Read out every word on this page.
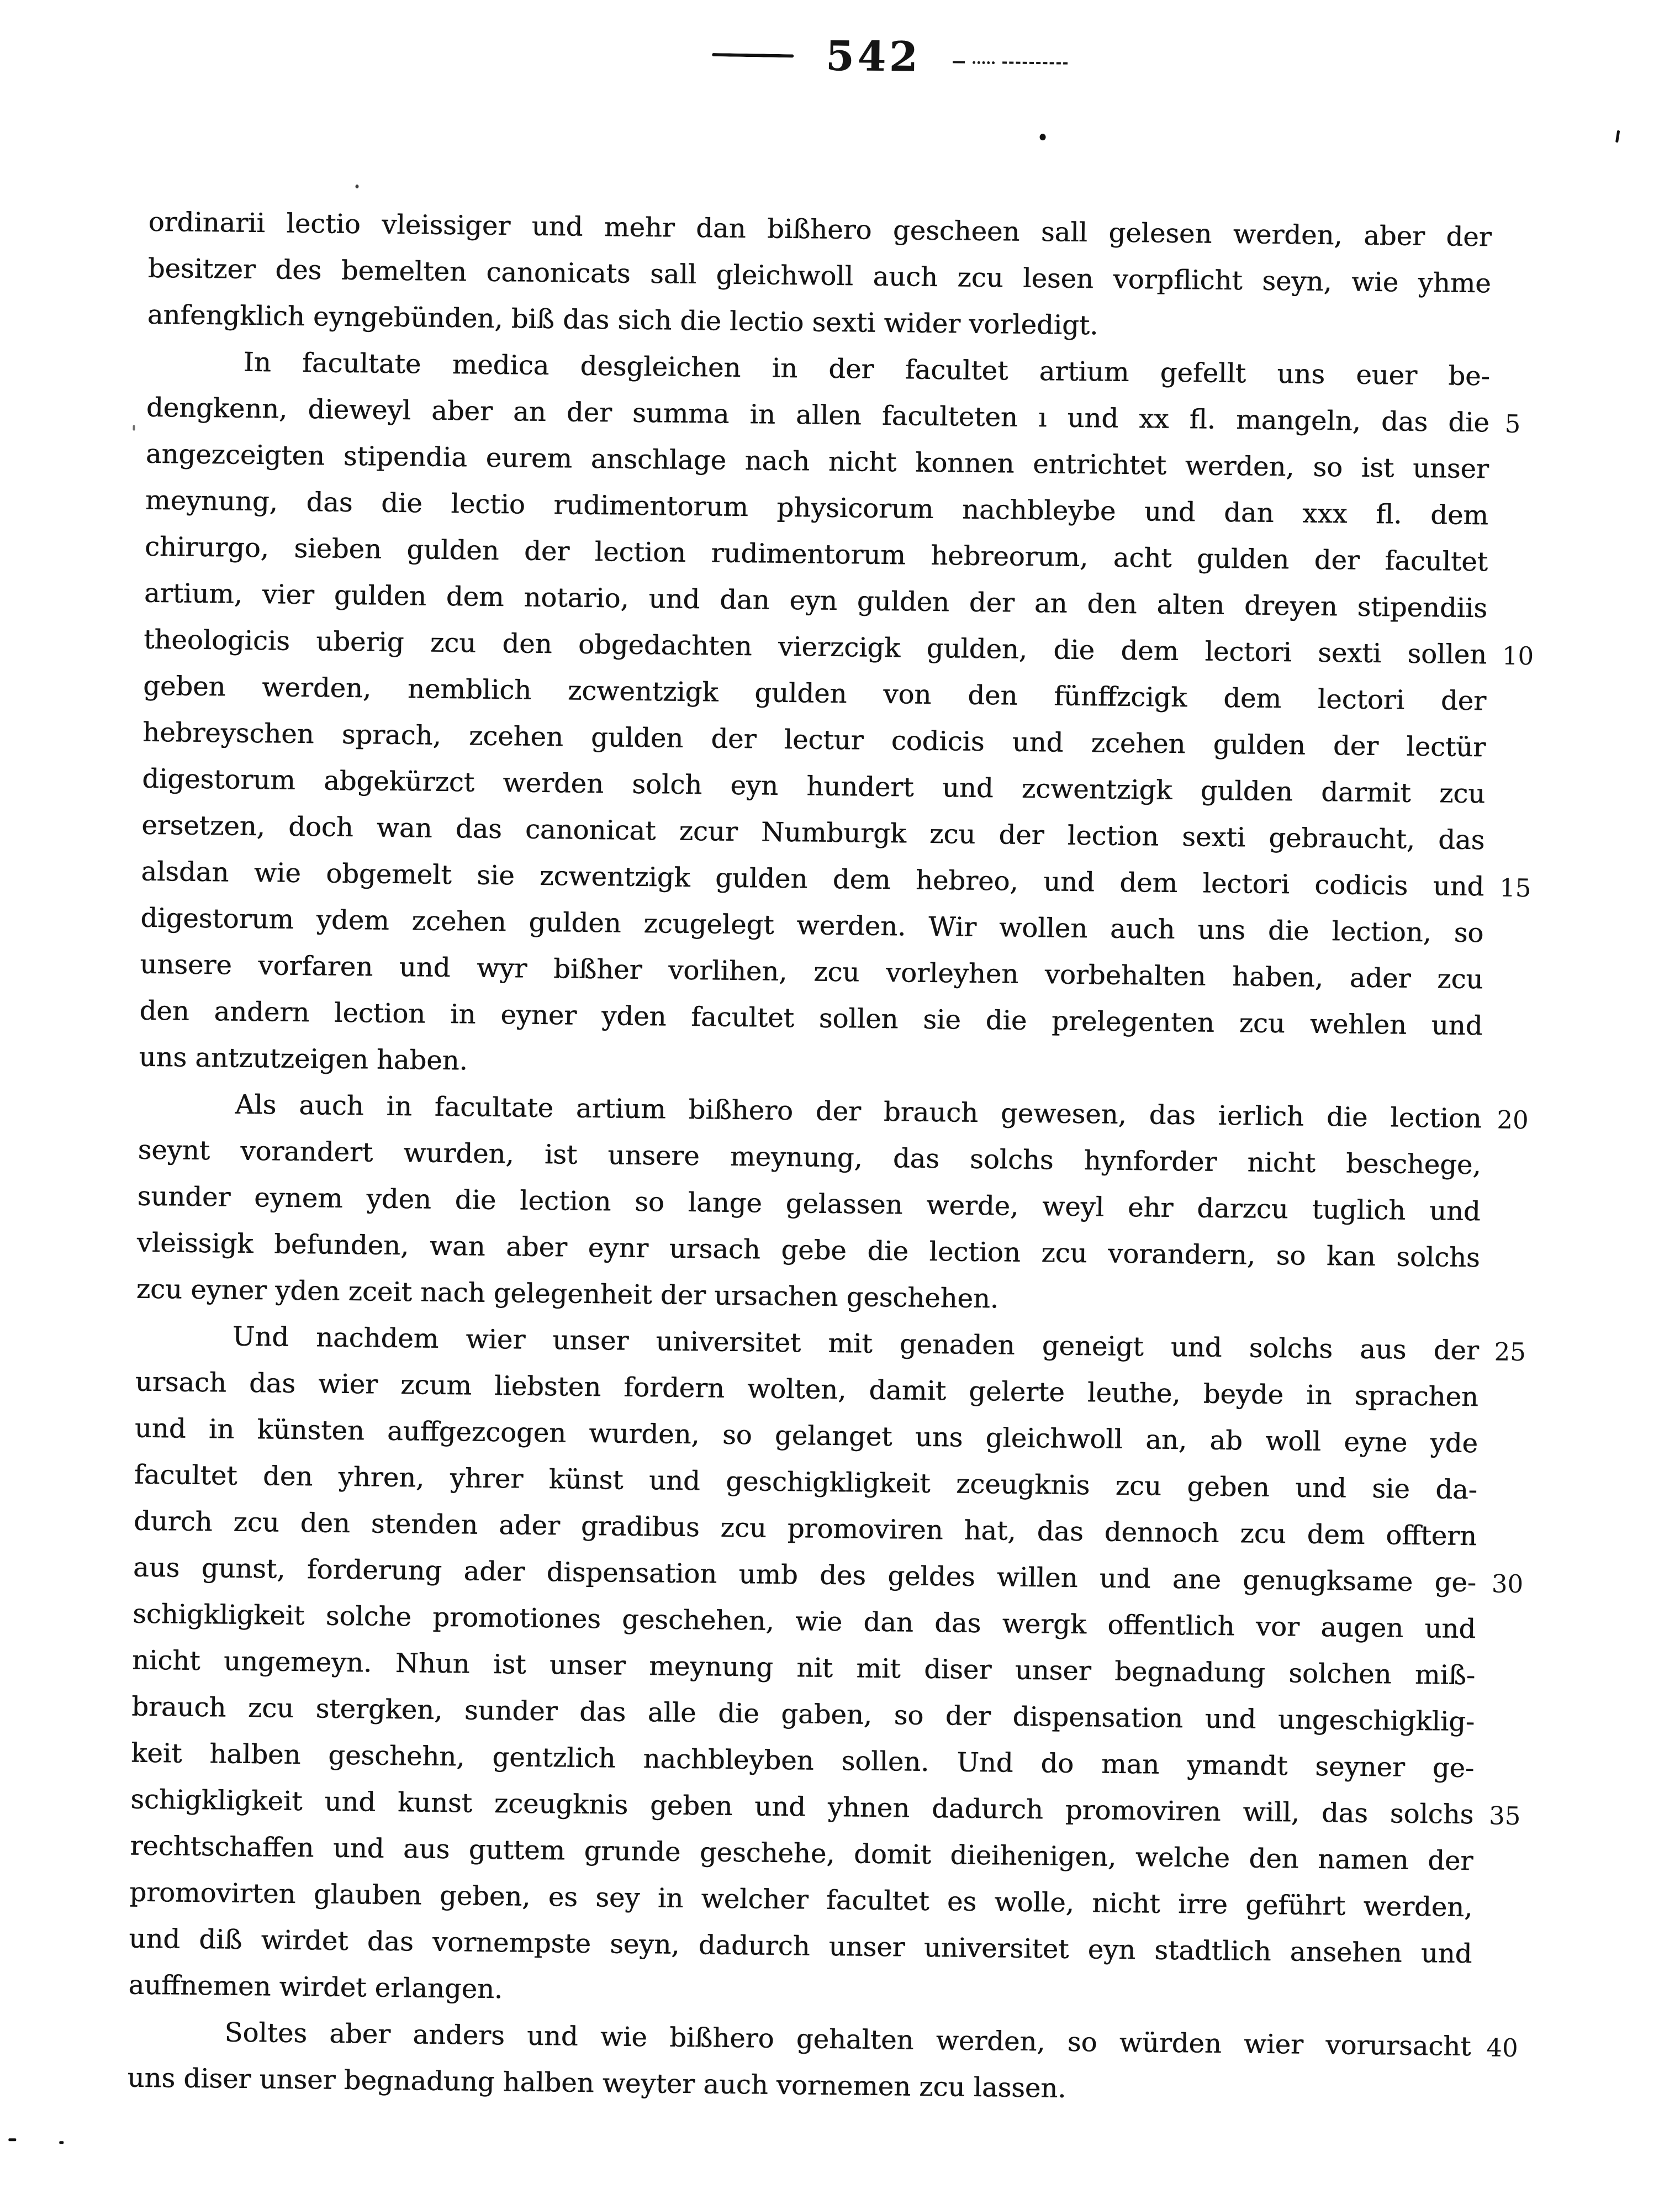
542
ordinarii lectio vleissiger und mehr dan bißhero gescheen sall gelesen werden, aber der
besitzer des bemelten canonicats sall gleichwoll auch zcu lesen vorpflicht seyn, wie yhme
anfengklich eyngebünden, biß das sich die lectio sexti wider vorledigt.
In facultate medica desgleichen in der facultet artium gefellt uns euer be-
dengkenn, dieweyl aber an der summa in allen faculteten ı und xx fl. mangeln, das die 5
angezceigten stipendia eurem anschlage nach nicht konnen entrichtet werden, so ist unser
meynung, das die lectio rudimentorum physicorum nachbleybe und dan xxx fl. dem
chirurgo, sieben gulden der lection rudimentorum hebreorum, acht gulden der facultet
artium, vier gulden dem notario, und dan eyn gulden der an den alten dreyen stipendiis
theologicis uberig zcu den obgedachten vierzcigk gulden, die dem lectori sexti sollen 10
geben werden, nemblich zcwentzigk gulden von den fünffzcigk dem lectori der
hebreyschen sprach, zcehen gulden der lectur codicis und zcehen gulden der lectür
digestorum abgekürzct werden solch eyn hundert und zcwentzigk gulden darmit zcu
ersetzen, doch wan das canonicat zcur Numburgk zcu der lection sexti gebraucht, das
alsdan wie obgemelt sie zcwentzigk gulden dem hebreo, und dem lectori codicis und 15
digestorum ydem zcehen gulden zcugelegt werden. Wir wollen auch uns die lection, so
unsere vorfaren und wyr bißher vorlihen, zcu vorleyhen vorbehalten haben, ader zcu
den andern lection in eyner yden facultet sollen sie die prelegenten zcu wehlen und
uns antzutzeigen haben.
Als auch in facultate artium bißhero der brauch gewesen, das ierlich die lection 20
seynt vorandert wurden, ist unsere meynung, das solchs hynforder nicht beschege,
sunder eynem yden die lection so lange gelassen werde, weyl ehr darzcu tuglich und
vleissigk befunden, wan aber eynr ursach gebe die lection zcu vorandern, so kan solchs
zcu eyner yden zceit nach gelegenheit der ursachen geschehen.
Und nachdem wier unser universitet mit genaden geneigt und solchs aus der 25
ursach das wier zcum liebsten fordern wolten, damit gelerte leuthe, beyde in sprachen
und in künsten auffgezcogen wurden, so gelanget uns gleichwoll an, ab woll eyne yde
facultet den yhren, yhrer künst und geschigkligkeit zceugknis zcu geben und sie da-
durch zcu den stenden ader gradibus zcu promoviren hat, das dennoch zcu dem offtern
aus gunst, forderung ader dispensation umb des geldes willen und ane genugksame ge- 30
schigkligkeit solche promotiones geschehen, wie dan das wergk offentlich vor augen und
nicht ungemeyn. Nhun ist unser meynung nit mit diser unser begnadung solchen miß-
brauch zcu stergken, sunder das alle die gaben, so der dispensation und ungeschigklig-
keit halben geschehn, gentzlich nachbleyben sollen. Und do man ymandt seyner ge-
schigkligkeit und kunst zceugknis geben und yhnen dadurch promoviren will, das solchs 35
rechtschaffen und aus guttem grunde geschehe, domit dieihenigen, welche den namen der
promovirten glauben geben, es sey in welcher facultet es wolle, nicht irre geführt werden,
und diß wirdet das vornempste seyn, dadurch unser universitet eyn stadtlich ansehen und
auffnemen wirdet erlangen.
Soltes aber anders und wie bißhero gehalten werden, so würden wier vorursacht 40
uns diser unser begnadung halben weyter auch vornemen zcu lassen.
